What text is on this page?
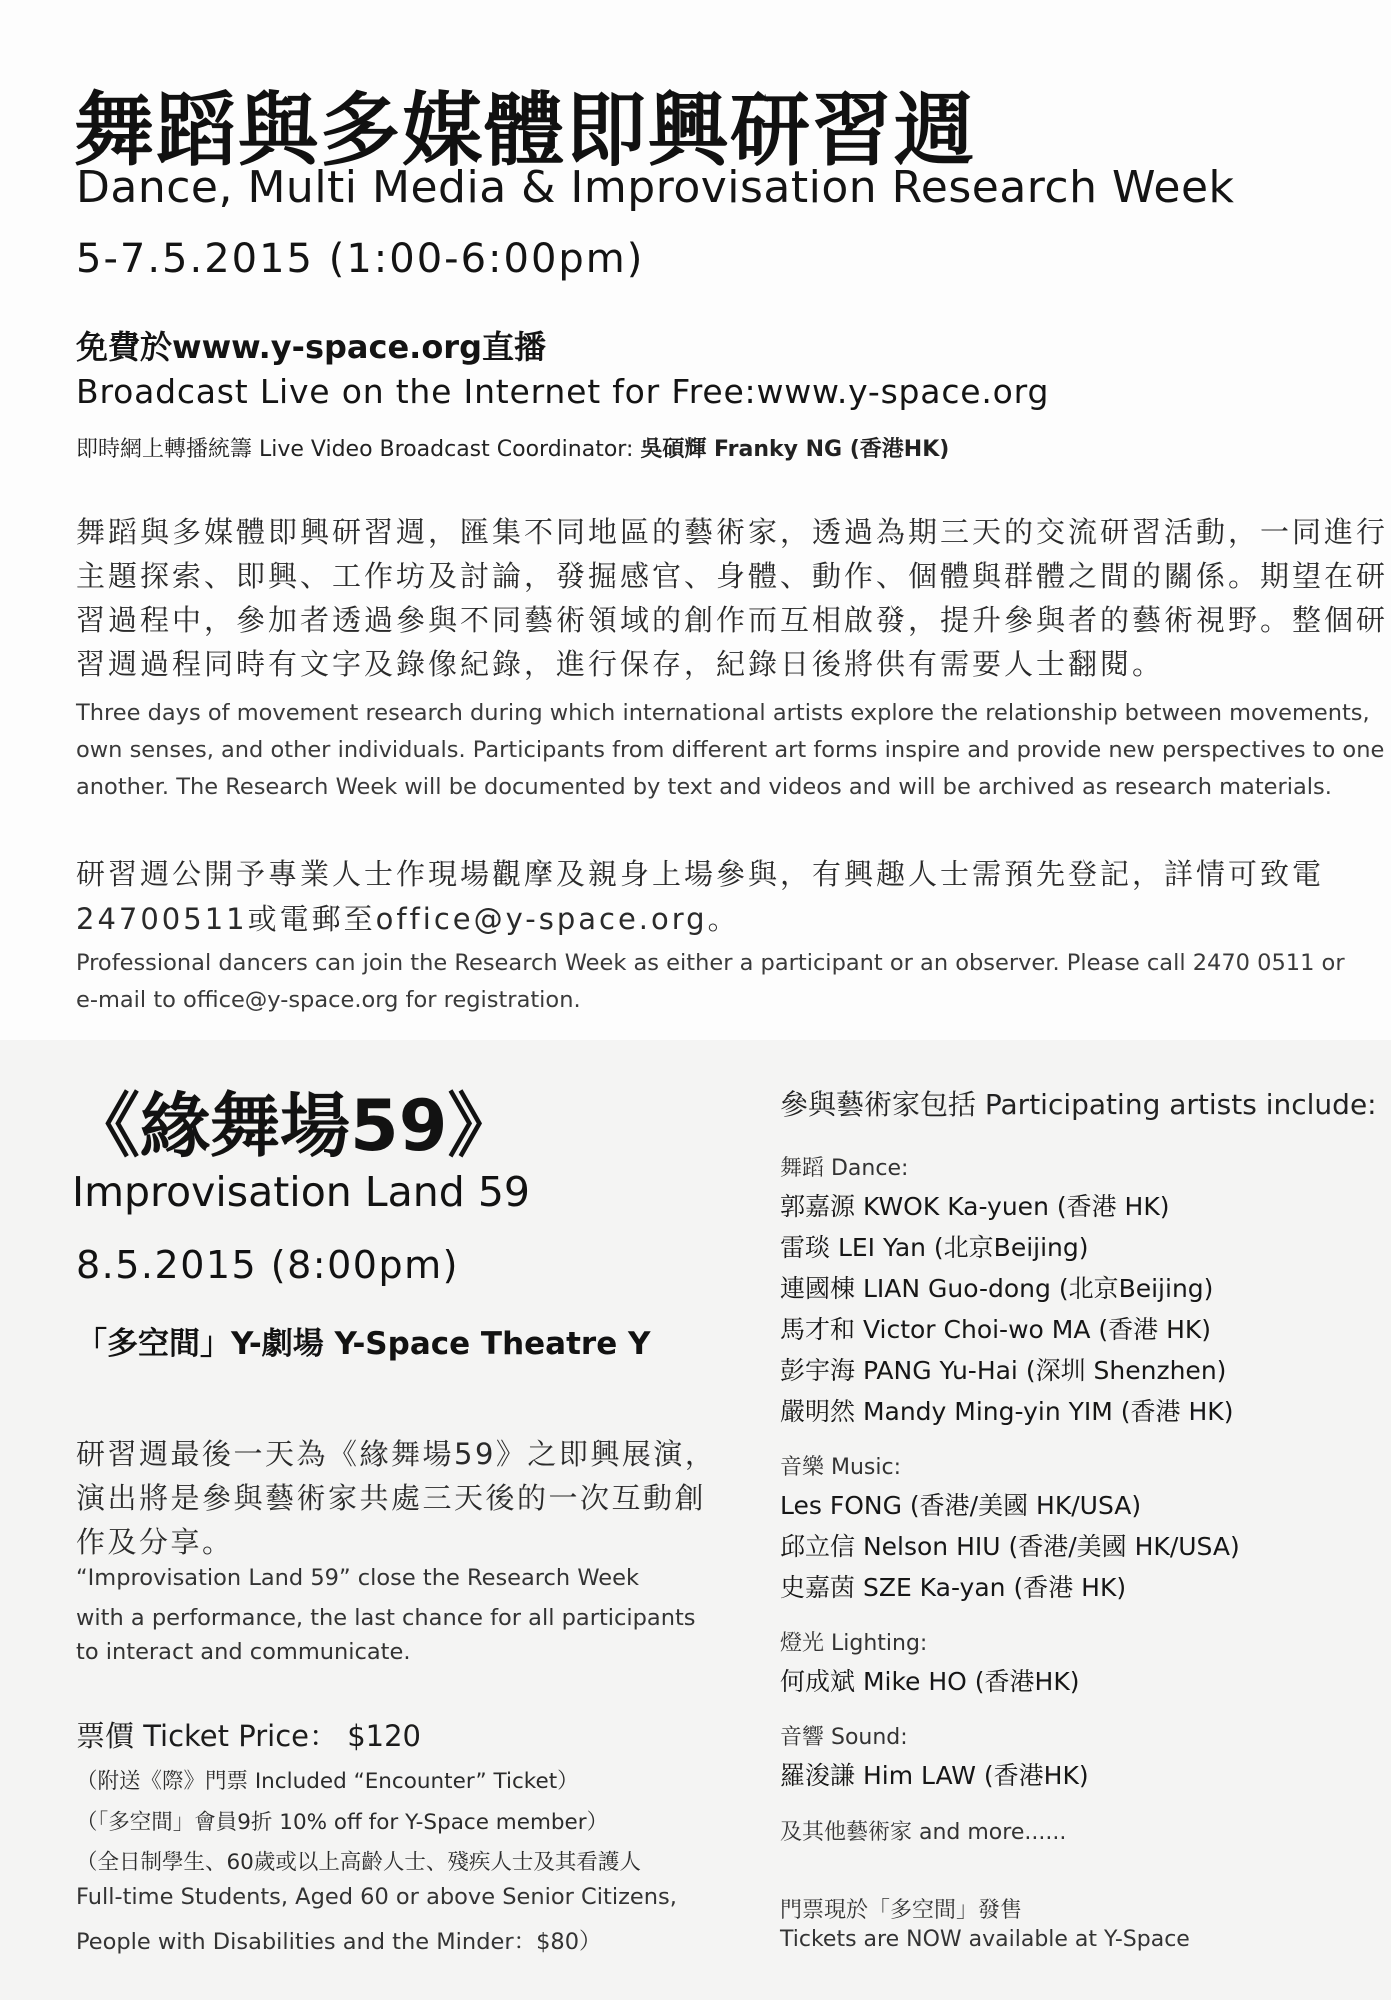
舞蹈與多媒體即興研習週
Dance, Multi Media & Improvisation Research Week
5-7.5.2015 (1:00-6:00pm)
免費於www.y-space.org直播
Broadcast Live on the Internet for Free:www.y-space.org
即時網上轉播統籌 Live Video Broadcast Coordinator: 吳碩輝 Franky NG (香港HK)
舞蹈與多媒體即興研習週，匯集不同地區的藝術家，透過為期三天的交流研習活動，一同進行
主題探索、即興、工作坊及討論，發掘感官、身體、動作、個體與群體之間的關係。期望在研
習過程中，參加者透過參與不同藝術領域的創作而互相啟發，提升參與者的藝術視野。整個研
習週過程同時有文字及錄像紀錄，進行保存，紀錄日後將供有需要人士翻閱。
Three days of movement research during which international artists explore the relationship between movements,
own senses, and other individuals. Participants from different art forms inspire and provide new perspectives to one
another. The Research Week will be documented by text and videos and will be archived as research materials.
研習週公開予專業人士作現場觀摩及親身上場參與，有興趣人士需預先登記，詳情可致電
24700511或電郵至office@y-space.org。
Professional dancers can join the Research Week as either a participant or an observer. Please call 2470 0511 or
e-mail to office@y-space.org for registration.
《緣舞場59》
Improvisation Land 59
8.5.2015 (8:00pm)
「多空間」Y-劇場 Y-Space Theatre Y
研習週最後一天為《緣舞場59》之即興展演，
演出將是參與藝術家共處三天後的一次互動創
作及分享。
“Improvisation Land 59” close the Research Week
with a performance, the last chance for all participants
to interact and communicate.
票價 Ticket Price： $120
（附送《際》門票 Included “Encounter” Ticket）
（「多空間」會員9折 10% off for Y-Space member）
（全日制學生、60歲或以上高齡人士、殘疾人士及其看護人
Full-time Students, Aged 60 or above Senior Citizens,
People with Disabilities and the Minder：$80）
參與藝術家包括 Participating artists include:
舞蹈 Dance:
郭嘉源 KWOK Ka-yuen (香港 HK)
雷琰 LEI Yan (北京Beijing)
連國棟 LIAN Guo-dong (北京Beijing)
馬才和 Victor Choi-wo MA (香港 HK)
彭宇海 PANG Yu-Hai (深圳 Shenzhen)
嚴明然 Mandy Ming-yin YIM (香港 HK)
音樂 Music:
Les FONG (香港/美國 HK/USA)
邱立信 Nelson HIU (香港/美國 HK/USA)
史嘉茵 SZE Ka-yan (香港 HK)
燈光 Lighting:
何成斌 Mike HO (香港HK)
音響 Sound:
羅浚謙 Him LAW (香港HK)
及其他藝術家 and more......
門票現於「多空間」發售
Tickets are NOW available at Y-Space
